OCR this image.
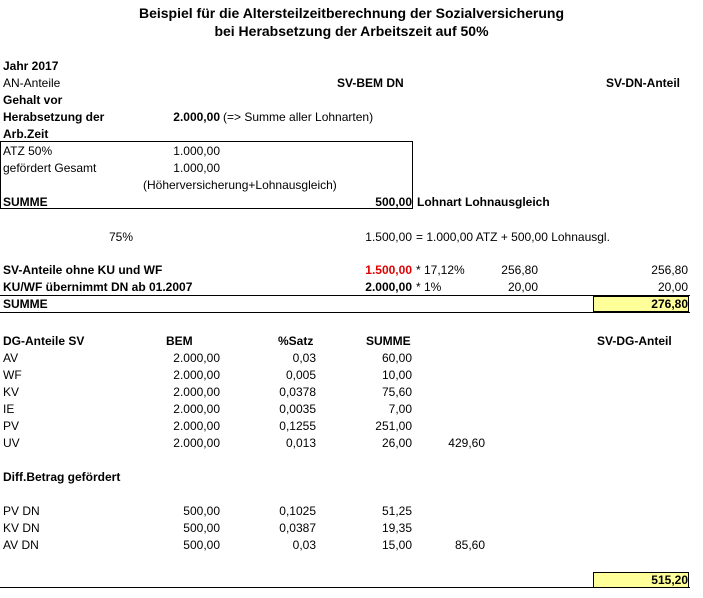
Beispiel für die Altersteilzeitberechnung der Sozialversicherung
bei Herabsetzung der Arbeitszeit auf 50%
Jahr 2017
AN-Anteile	SV-BEM DN	SV-DN-Anteil
Gehalt vor
Herabsetzung der
Arb.Zeit
2.000,00 (=> Summe aller Lohnarten)
ATZ 50%	1.000,00
gefördert Gesamt	1.000,00
(Höherversicherung+Lohnausgleich)
SUMME	500,00 Lohnart Lohnausgleich
75%	1.500,00 = 1.000,00 ATZ + 500,00 Lohnausgl.
SV-Anteile ohne KU und WF	1.500,00 * 17,12%	256,80	256,80
KU/WF übernimmt DN ab 01.2007	2.000,00 * 1%	20,00	20,00
SUMME	276,80
DG-Anteile SV	BEM	%Satz	SUMME	SV-DG-Anteil
AV	2.000,00	0,03	60,00
WF	2.000,00	0,005	10,00
KV	2.000,00	0,0378	75,60
IE	2.000,00	0,0035	7,00
PV	2.000,00	0,1255	251,00
UV	2.000,00	0,013	26,00	429,60
Diff.Betrag gefördert
PV DN	500,00	0,1025	51,25
KV DN	500,00	0,0387	19,35
AV DN	500,00	0,03	15,00	85,60
515,20
